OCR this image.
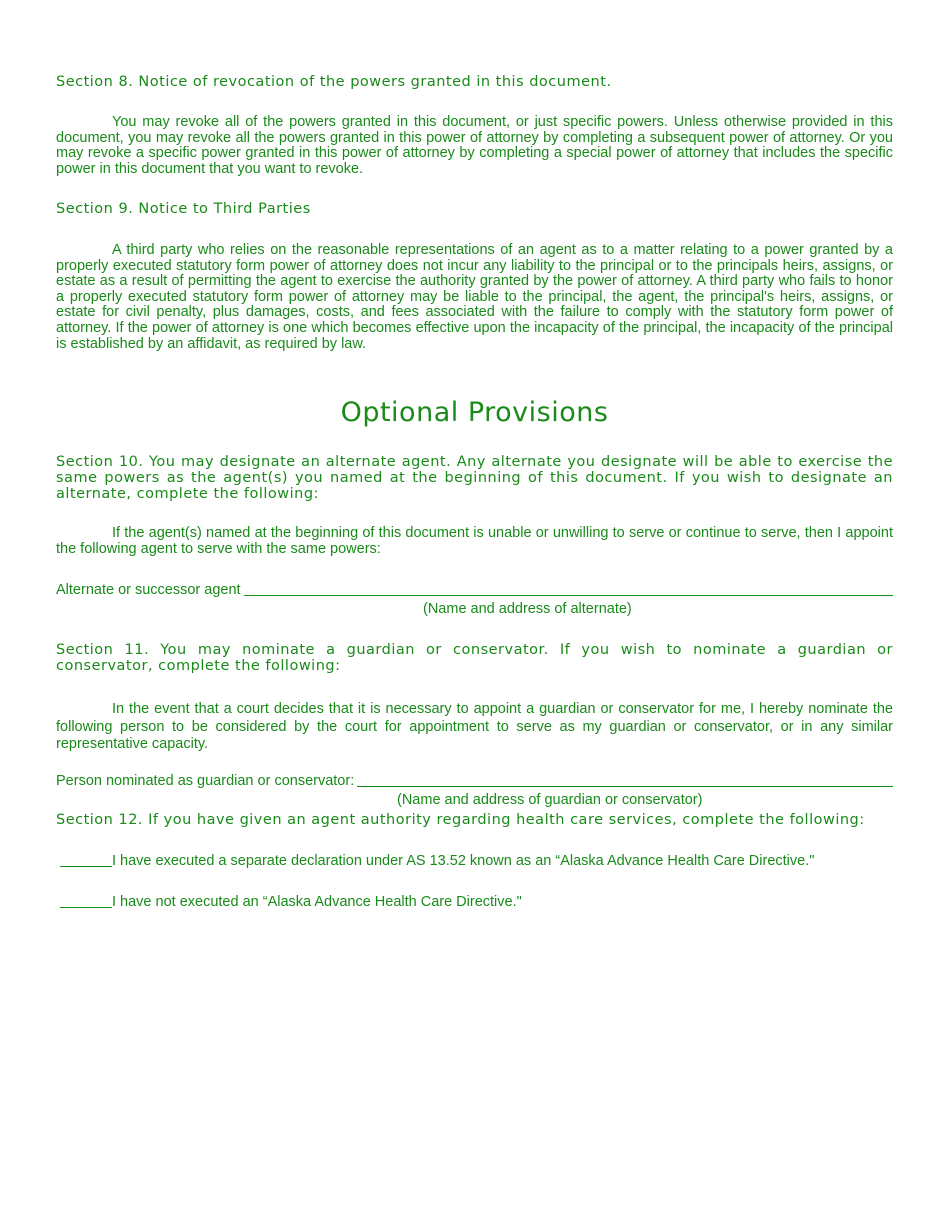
Section 8. Notice of revocation of the powers granted in this document.
You may revoke all of the powers granted in this document, or just specific powers. Unless otherwise provided in this document, you may revoke all the powers granted in this power of attorney by completing a subsequent power of attorney. Or you may revoke a specific power granted in this power of attorney by completing a special power of attorney that includes the specific power in this document that you want to revoke.
Section 9. Notice to Third Parties
A third party who relies on the reasonable representations of an agent as to a matter relating to a power granted by a properly executed statutory form power of attorney does not incur any liability to the principal or to the principals heirs, assigns, or estate as a result of permitting the agent to exercise the authority granted by the power of attorney. A third party who fails to honor a properly executed statutory form power of attorney may be liable to the principal, the agent, the principal's heirs, assigns, or estate for civil penalty, plus damages, costs, and fees associated with the failure to comply with the statutory form power of attorney. If the power of attorney is one which becomes effective upon the incapacity of the principal, the incapacity of the principal is established by an affidavit, as required by law.
Optional Provisions
Section 10. You may designate an alternate agent. Any alternate you designate will be able to exercise the same powers as the agent(s) you named at the beginning of this document. If you wish to designate an alternate, complete the following:
If the agent(s) named at the beginning of this document is unable or unwilling to serve or continue to serve, then I appoint the following agent to serve with the same powers:
Alternate or successor agent
(Name and address of alternate)
Section 11. You may nominate a guardian or conservator. If you wish to nominate a guardian or conservator, complete the following:
In the event that a court decides that it is necessary to appoint a guardian or conservator for me, I hereby nominate the following person to be considered by the court for appointment to serve as my guardian or conservator, or in any similar representative capacity.
Person nominated as guardian or conservator:
(Name and address of guardian or conservator)
Section 12. If you have given an agent authority regarding health care services, complete the following:
I have executed a separate declaration under AS 13.52 known as an “Alaska Advance Health Care Directive."
I have not executed an “Alaska Advance Health Care Directive."
